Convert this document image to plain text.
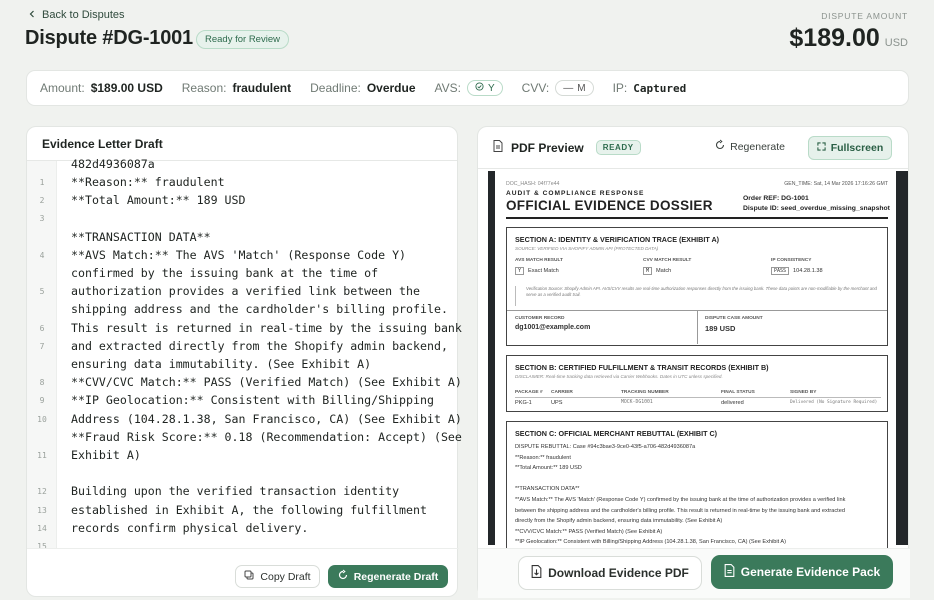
Back to Disputes
Dispute #DG-1001	Ready for Review
DISPUTE AMOUNT
$189.00 USD
Amount: $189.00 USD Reason: fraudulent Deadline: Overdue AVS:	Y CVV: — M IP: Captured
Evidence Letter Draft
482d4936087a
1	**Reason:** fraudulent
2	**Total Amount:** 189 USD
3
**TRANSACTION DATA**
4	**AVS Match:** The AVS 'Match' (Response Code Y)
confirmed by the issuing bank at the time of
5	authorization provides a verified link between the
shipping address and the cardholder's billing profile.
6	This result is returned in real-time by the issuing bank
7	and extracted directly from the Shopify admin backend,
ensuring data immutability. (See Exhibit A)
8	**CVV/CVC Match:** PASS (Verified Match) (See Exhibit A)
9	**IP Geolocation:** Consistent with Billing/Shipping
10	Address (104.28.1.38, San Francisco, CA) (See Exhibit A)
**Fraud Risk Score:** 0.18 (Recommendation: Accept) (See
11	Exhibit A)
12	Building upon the verified transaction identity
13	established in Exhibit A, the following fulfillment
14	records confirm physical delivery.
15
Copy Draft	Regenerate Draft
PDF Preview	READY	Regenerate	Fullscreen
DOC_HASH: 04f77e44	GEN_TIME: Sat, 14 Mar 2026 17:16:26 GMT
AUDIT & COMPLIANCE RESPONSE
OFFICIAL EVIDENCE DOSSIER	Order REF: DG-1001
Dispute ID: seed_overdue_missing_snapshot
SECTION A: IDENTITY & VERIFICATION TRACE (EXHIBIT A)
SOURCE: VERIFIED VIA SHOPIFY ADMIN API (PROTECTED DATA)
AVS MATCH RESULT
Y Exact Match
CVV MATCH RESULT
M Match
IP CONSISTENCY
PASS 104.28.1.38
Verification Source: Shopify Admin API. AVS/CVV results are real-time authorization responses directly from the issuing bank. These data points are non-modifiable by the merchant and serve as a verified audit trail.
CUSTOMER RECORD
dg1001@example.com
DISPUTE CASE AMOUNT
189 USD
SECTION B: CERTIFIED FULFILLMENT & TRANSIT RECORDS (EXHIBIT B)
DISCLAIMER: Real-time tracking data retrieved via Carrier Webhooks. Dates in UTC unless specified.
PACKAGE # CARRIER	TRACKING NUMBER	FINAL STATUS	SIGNED BY
PKG-1	UPS	MOCK-DG1001	delivered	Delivered (No Signature Required)
SECTION C: OFFICIAL MERCHANT REBUTTAL (EXHIBIT C)
DISPUTE REBUTTAL: Case #94c3bae3-9ce0-43f5-a706-482d4936087a
**Reason:** fraudulent
**Total Amount:** 189 USD
**TRANSACTION DATA**
**AVS Match:** The AVS 'Match' (Response Code Y) confirmed by the issuing bank at the time of authorization provides a verified link
between the shipping address and the cardholder's billing profile. This result is returned in real-time by the issuing bank and extracted
directly from the Shopify admin backend, ensuring data immutability. (See Exhibit A)
**CVV/CVC Match:** PASS (Verified Match) (See Exhibit A)
**IP Geolocation:** Consistent with Billing/Shipping Address (104.28.1.38, San Francisco, CA) (See Exhibit A)
Download Evidence PDF	Generate Evidence Pack
